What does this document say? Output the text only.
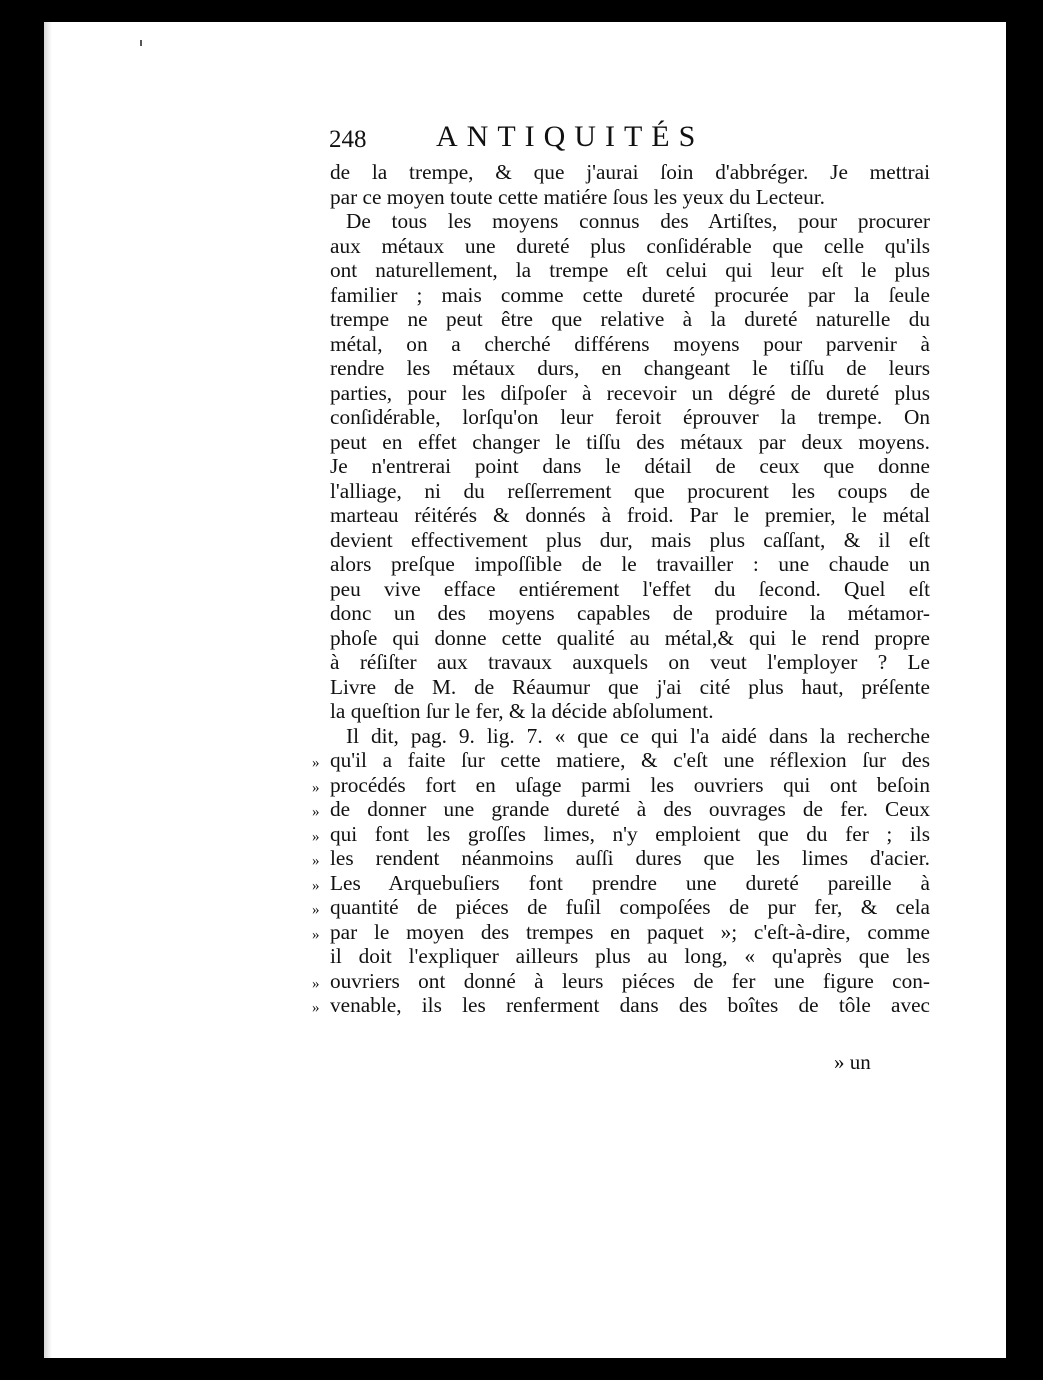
248 ANTIQUITÉS
de la trempe, & que j'aurai ſoin d'abbréger. Je mettrai
par ce moyen toute cette matiére ſous les yeux du Lecteur.
De tous les moyens connus des Artiſtes, pour procurer
aux métaux une dureté plus conſidérable que celle qu'ils
ont naturellement, la trempe eſt celui qui leur eſt le plus
familier ; mais comme cette dureté procurée par la ſeule
trempe ne peut être que relative à la dureté naturelle du
métal, on a cherché différens moyens pour parvenir à
rendre les métaux durs, en changeant le tiſſu de leurs
parties, pour les diſpoſer à recevoir un dégré de dureté plus
conſidérable, lorſqu'on leur feroit éprouver la trempe. On
peut en effet changer le tiſſu des métaux par deux moyens.
Je n'entrerai point dans le détail de ceux que donne
l'alliage, ni du reſſerrement que procurent les coups de
marteau réitérés & donnés à froid. Par le premier, le métal
devient effectivement plus dur, mais plus caſſant, & il eſt
alors preſque impoſſible de le travailler : une chaude un
peu vive efface entiérement l'effet du ſecond. Quel eſt
donc un des moyens capables de produire la métamor-
phoſe qui donne cette qualité au métal,& qui le rend propre
à réſiſter aux travaux auxquels on veut l'employer ? Le
Livre de M. de Réaumur que j'ai cité plus haut, préſente
la queſtion ſur le fer, & la décide abſolument.
Il dit, pag. 9. lig. 7. « que ce qui l'a aidé dans la recherche
» qu'il a faite ſur cette matiere, & c'eſt une réflexion ſur des
» procédés fort en uſage parmi les ouvriers qui ont beſoin
» de donner une grande dureté à des ouvrages de fer. Ceux
» qui font les groſſes limes, n'y emploient que du fer ; ils
» les rendent néanmoins auſſi dures que les limes d'acier.
» Les Arquebuſiers font prendre une dureté pareille à
» quantité de piéces de fuſil compoſées de pur fer, & cela
» par le moyen des trempes en paquet »; c'eſt-à-dire, comme
il doit l'expliquer ailleurs plus au long, « qu'après que les
» ouvriers ont donné à leurs piéces de fer une figure con-
» venable, ils les renferment dans des boîtes de tôle avec
» un
